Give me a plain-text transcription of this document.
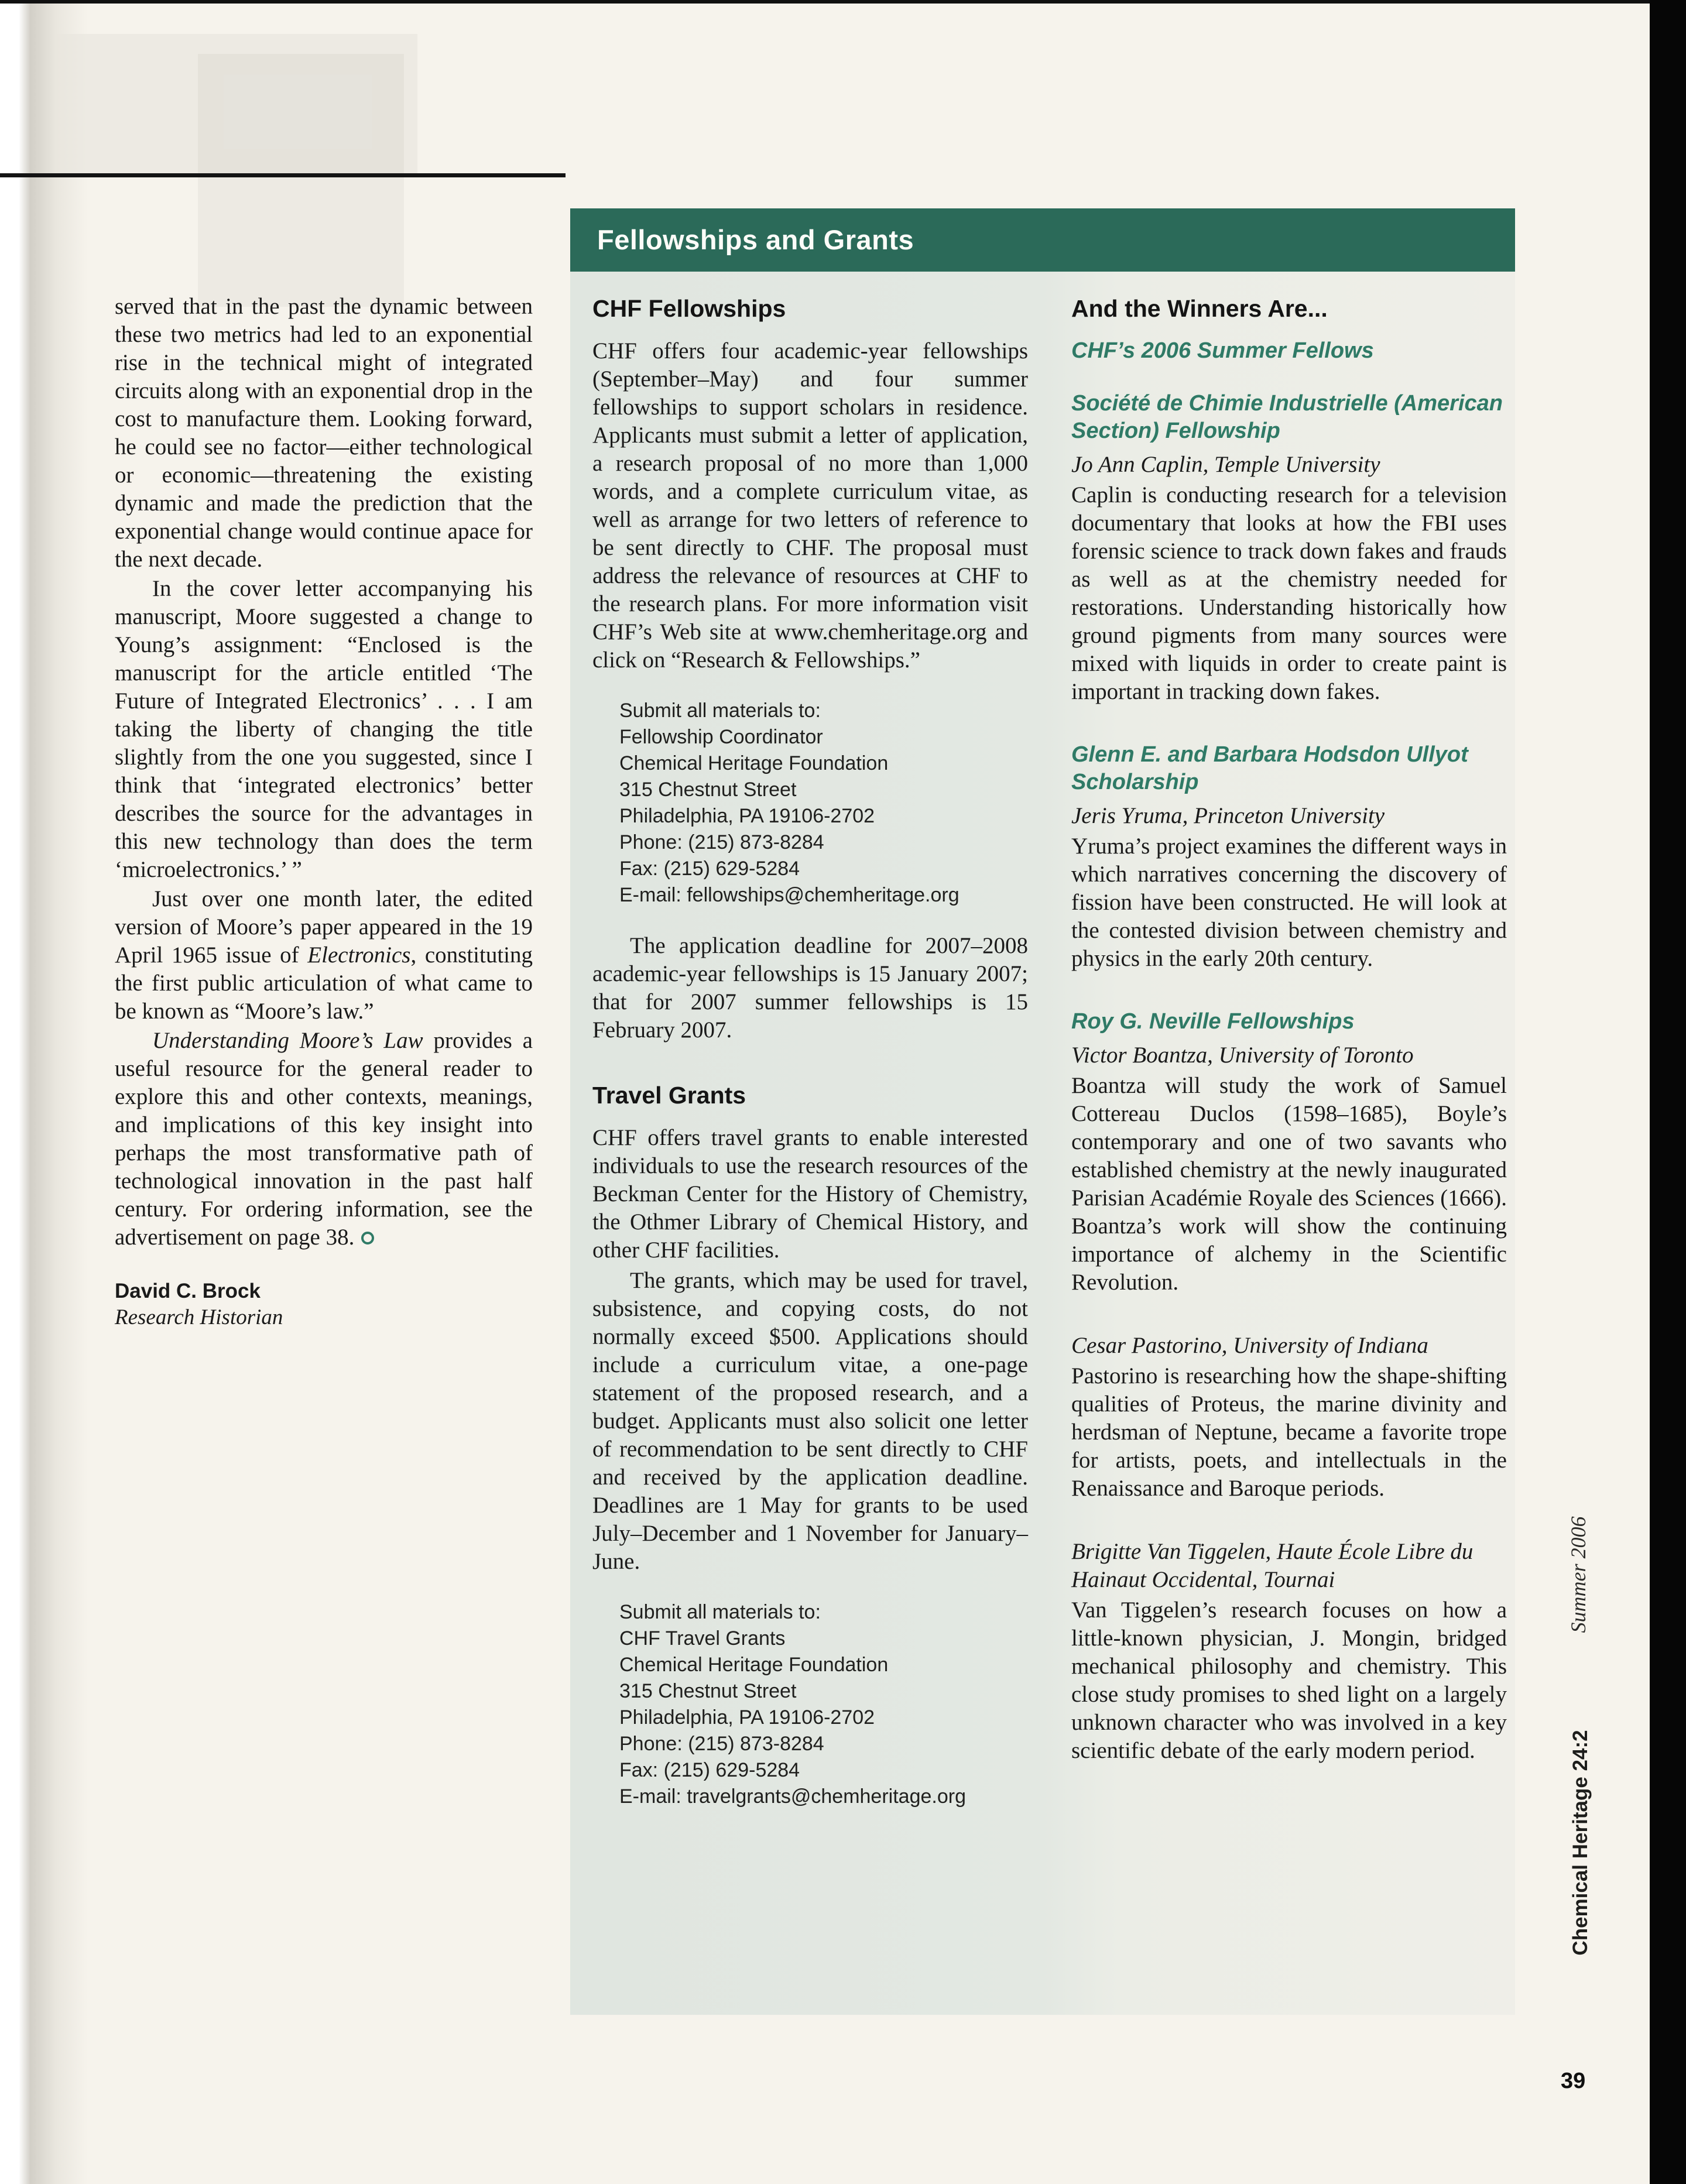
served that in the past the dynamic between these two metrics had led to an exponential rise in the technical might of integrated circuits along with an exponential drop in the cost to manufacture them. Looking forward, he could see no factor—either technological or economic—threatening the existing dynamic and made the prediction that the exponential change would continue apace for the next decade.

In the cover letter accompanying his manuscript, Moore suggested a change to Young’s assignment: “Enclosed is the manuscript for the article entitled ‘The Future of Integrated Electronics’ . . . I am taking the liberty of changing the title slightly from the one you suggested, since I think that ‘integrated electronics’ better describes the source for the advantages in this new technology than does the term ‘microelectronics.’ ”

Just over one month later, the edited version of Moore’s paper appeared in the 19 April 1965 issue of Electronics, constituting the first public articulation of what came to be known as “Moore’s law.”

Understanding Moore’s Law provides a useful resource for the general reader to explore this and other contexts, meanings, and implications of this key insight into perhaps the most transformative path of technological innovation in the past half century. For ordering information, see the advertisement on page 38.

David C. Brock
Research Historian
Fellowships and Grants
CHF Fellowships

CHF offers four academic-year fellowships (September–May) and four summer fellowships to support scholars in residence. Applicants must submit a letter of application, a research proposal of no more than 1,000 words, and a complete curriculum vitae, as well as arrange for two letters of reference to be sent directly to CHF. The proposal must address the relevance of resources at CHF to the research plans. For more information visit CHF’s Web site at www.chemheritage.org and click on “Research & Fellowships.”

Submit all materials to:
Fellowship Coordinator
Chemical Heritage Foundation
315 Chestnut Street
Philadelphia, PA 19106-2702
Phone: (215) 873-8284
Fax: (215) 629-5284
E-mail: fellowships@chemheritage.org

The application deadline for 2007–2008 academic-year fellowships is 15 January 2007; that for 2007 summer fellowships is 15 February 2007.

Travel Grants

CHF offers travel grants to enable interested individuals to use the research resources of the Beckman Center for the History of Chemistry, the Othmer Library of Chemical History, and other CHF facilities.

The grants, which may be used for travel, subsistence, and copying costs, do not normally exceed $500. Applications should include a curriculum vitae, a one-page statement of the proposed research, and a budget. Applicants must also solicit one letter of recommendation to be sent directly to CHF and received by the application deadline. Deadlines are 1 May for grants to be used July–December and 1 November for January–June.

Submit all materials to:
CHF Travel Grants
Chemical Heritage Foundation
315 Chestnut Street
Philadelphia, PA 19106-2702
Phone: (215) 873-8284
Fax: (215) 629-5284
E-mail: travelgrants@chemheritage.org
And the Winners Are...
CHF’s 2006 Summer Fellows
Société de Chimie Industrielle (American Section) Fellowship
Jo Ann Caplin, Temple University

Caplin is conducting research for a television documentary that looks at how the FBI uses forensic science to track down fakes and frauds as well as at the chemistry needed for restorations. Understanding historically how ground pigments from many sources were mixed with liquids in order to create paint is important in tracking down fakes.

Glenn E. and Barbara Hodsdon Ullyot Scholarship
Jeris Yruma, Princeton University

Yruma’s project examines the different ways in which narratives concerning the discovery of fission have been constructed. He will look at the contested division between chemistry and physics in the early 20th century.

Roy G. Neville Fellowships
Victor Boantza, University of Toronto

Boantza will study the work of Samuel Cottereau Duclos (1598–1685), Boyle’s contemporary and one of two savants who established chemistry at the newly inaugurated Parisian Académie Royale des Sciences (1666). Boantza’s work will show the continuing importance of alchemy in the Scientific Revolution.

Cesar Pastorino, University of Indiana

Pastorino is researching how the shape-shifting qualities of Proteus, the marine divinity and herdsman of Neptune, became a favorite trope for artists, poets, and intellectuals in the Renaissance and Baroque periods.

Brigitte Van Tiggelen, Haute École Libre du Hainaut Occidental, Tournai

Van Tiggelen’s research focuses on how a little-known physician, J. Mongin, bridged mechanical philosophy and chemistry. This close study promises to shed light on a largely unknown character who was involved in a key scientific debate of the early modern period.	Chemical Heritage 24:2
Summer 2006
39
